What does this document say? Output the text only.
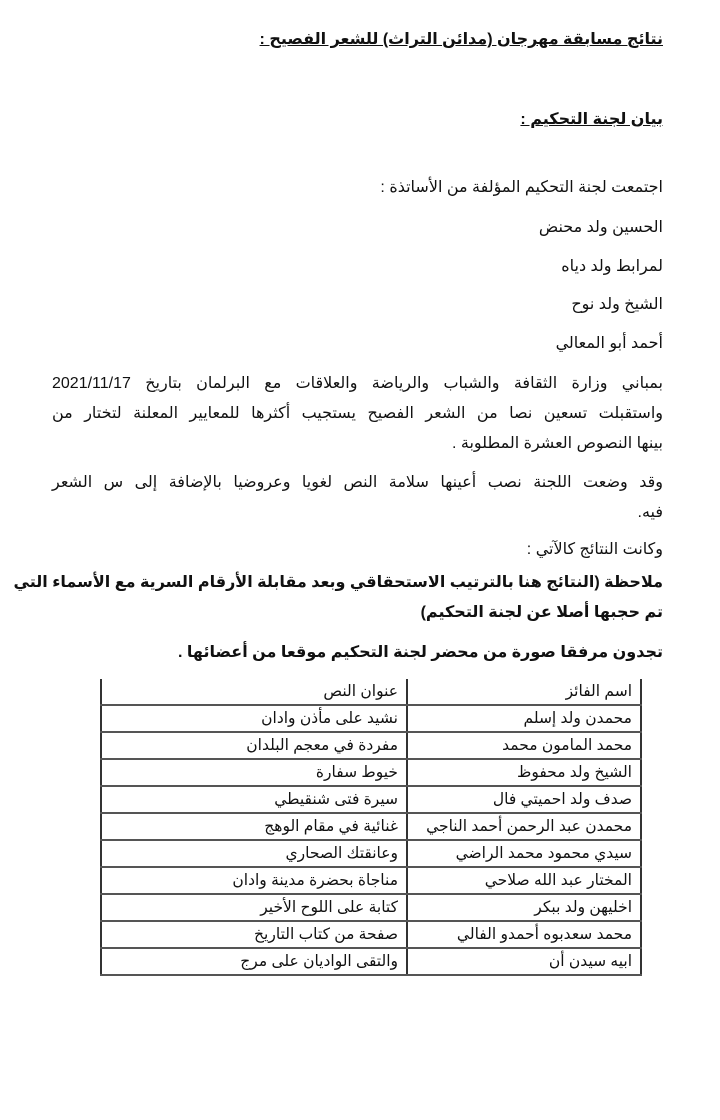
نتائج مسابقة مهرجان (مدائن التراث) للشعر الفصيح :
بيان لجنة التحكيم :
اجتمعت لجنة التحكيم المؤلفة من الأساتذة :
الحسين ولد محنض
لمرابط ولد دياه
الشيخ ولد نوح
أحمد أبو المعالي
بمباني وزارة الثقافة والشباب والرياضة والعلاقات مع البرلمان بتاريخ 2021/11/17
واستقبلت تسعين نصا من الشعر الفصيح يستجيب أكثرها للمعايير المعلنة لتختار من
بينها النصوص العشرة المطلوبة .
وقد وضعت اللجنة نصب أعينها سلامة النص لغويا وعروضيا بالإضافة إلى س الشعر
فيه.
وكانت النتائج كالآتي :
ملاحظة (النتائج هنا بالترتيب الاستحقاقي وبعد مقابلة الأرقام السرية مع الأسماء التي
تم حجبها أصلا عن لجنة التحكيم)
تجدون مرفقا صورة من محضر لجنة التحكيم موقعا من أعضائها .
اسم الفائز	عنوان النص
محمدن ولد إسلم	نشيد على مأذن وادان
محمد المامون محمد	مفردة في معجم البلدان
الشيخ ولد محفوظ	خيوط سفارة
صدف ولد احميتي فال	سيرة فتى شنقيطي
محمدن عبد الرحمن أحمد الناجي	غنائية في مقام الوهج
سيدي محمود محمد الراضي	وعانقتك الصحاري
المختار عبد الله صلاحي	مناجاة بحضرة مدينة وادان
اخليهن ولد ببكر	كتابة على اللوح الأخير
محمد سعدبوه أحمدو الفالي	صفحة من كتاب التاريخ
ابيه سيدن أن	والتقى الواديان على مرج
